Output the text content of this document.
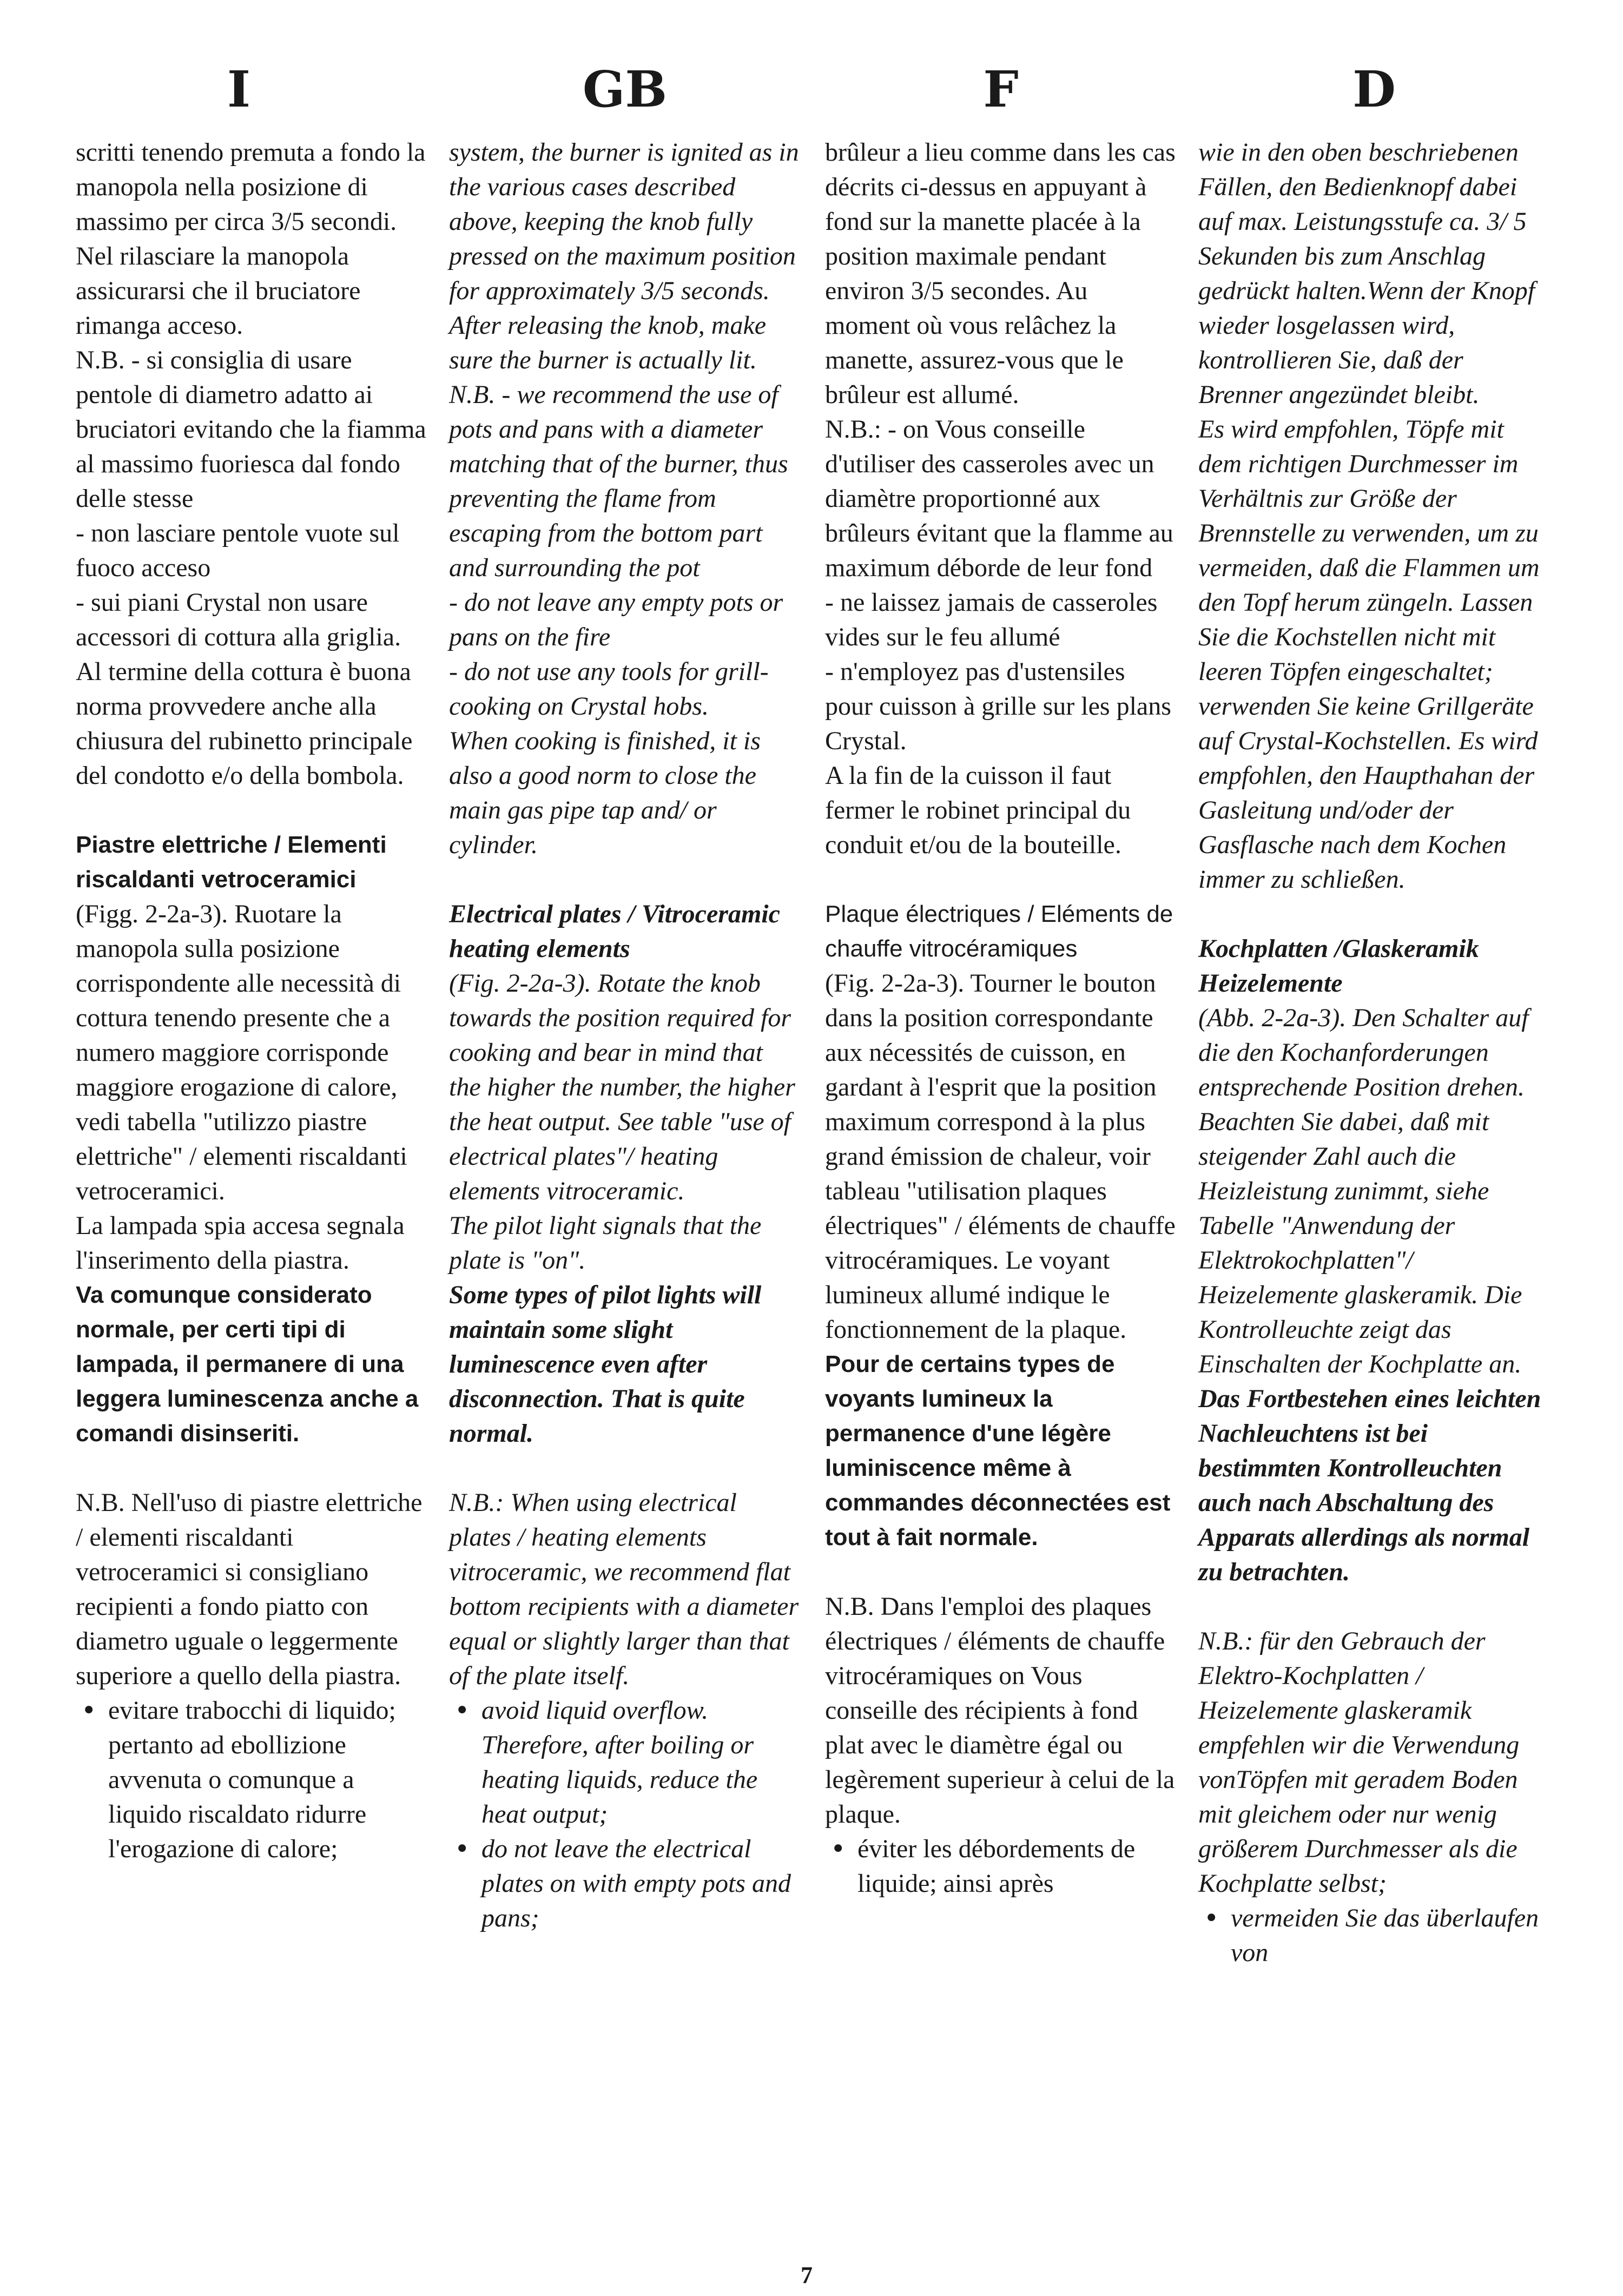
I

scritti tenendo premuta a fondo la manopola nella posizione di massimo per circa 3/5 secondi. Nel rilasciare la manopola assicurarsi che il bruciatore rimanga acceso.

N.B. - si consiglia di usare pentole di diametro adatto ai bruciatori evitando che la fiamma al massimo fuoriesca dal fondo delle stesse

- non lasciare pentole vuote sul fuoco acceso

- sui piani Crystal non usare accessori di cottura alla griglia.

Al termine della cottura è buona norma provvedere anche alla chiusura del rubinetto principale del condotto e/o della bombola.

Piastre elettriche / Elementi riscaldanti vetroceramici

(Figg. 2-2a-3). Ruotare la manopola sulla posizione corrispondente alle necessità di cottura tenendo presente che a numero maggiore corrisponde maggiore erogazione di calore, vedi tabella "utilizzo piastre elettriche" / elementi riscaldanti vetroceramici.

La lampada spia accesa segnala l'inserimento della piastra.

Va comunque considerato normale, per certi tipi di lampada, il permanere di una leggera luminescenza anche a comandi disinseriti.

N.B. Nell'uso di piastre elettriche / elementi riscaldanti vetroceramici si consigliano recipienti a fondo piatto con diametro uguale o leggermente superiore a quello della piastra.

• evitare trabocchi di liquido; pertanto ad ebollizione avvenuta o comunque a liquido riscaldato ridurre l'erogazione di calore;
GB

system, the burner is ignited as in the various cases described above, keeping the knob fully pressed on the maximum position for approximately 3/5 seconds. After releasing the knob, make sure the burner is actually lit.

N.B. - we recommend the use of pots and pans with a diameter matching that of the burner, thus preventing the flame from escaping from the bottom part and surrounding the pot

- do not leave any empty pots or pans on the fire

- do not use any tools for grill-cooking on Crystal hobs.

When cooking is finished, it is also a good norm to close the main gas pipe tap and/ or cylinder.

Electrical plates / Vitroceramic heating elements

(Fig. 2-2a-3). Rotate the knob towards the position required for cooking and bear in mind that the higher the number, the higher the heat output. See table "use of electrical plates"/ heating elements vitroceramic.

The pilot light signals that the plate is "on".

Some types of pilot lights will maintain some slight luminescence even after disconnection. That is quite normal.

N.B.: When using electrical plates / heating elements vitroceramic, we recommend flat bottom recipients with a diameter equal or slightly larger than that of the plate itself.

• avoid liquid overflow. Therefore, after boiling or heating liquids, reduce the heat output;
• do not leave the electrical plates on with empty pots and pans;
F

brûleur a lieu comme dans les cas décrits ci-dessus en appuyant à fond sur la manette placée à la position maximale pendant environ 3/5 secondes. Au moment où vous relâchez la manette, assurez-vous que le brûleur est allumé.

N.B.: - on Vous conseille d'utiliser des casseroles avec un diamètre proportionné aux brûleurs évitant que la flamme au maximum déborde de leur fond

- ne laissez jamais de casseroles vides sur le feu allumé

- n'employez pas d'ustensiles pour cuisson à grille sur les plans Crystal.

A la fin de la cuisson il faut fermer le robinet principal du conduit et/ou de la bouteille.

Plaque électriques / Eléments de chauffe vitrocéramiques

(Fig. 2-2a-3). Tourner le bouton dans la position correspondante aux nécessités de cuisson, en gardant à l'esprit que la position maximum correspond à la plus grand émission de chaleur, voir tableau "utilisation plaques électriques" / éléments de chauffe vitrocéramiques. Le voyant lumineux allumé indique le fonctionnement de la plaque.

Pour de certains types de voyants lumineux la permanence d'une légère luminiscence même à commandes déconnectées est tout à fait normale.

N.B. Dans l'emploi des plaques électriques / éléments de chauffe vitrocéramiques on Vous conseille des récipients à fond plat avec le diamètre égal ou legèrement superieur à celui de la plaque.

• éviter les débordements de liquide; ainsi après
D

wie in den oben beschriebenen Fällen, den Bedienknopf dabei auf max. Leistungsstufe ca. 3/ 5 Sekunden bis zum Anschlag gedrückt halten.Wenn der Knopf wieder losgelassen wird, kontrollieren Sie, daß der Brenner angezündet bleibt.

Es wird empfohlen, Töpfe mit dem richtigen Durchmesser im Verhältnis zur Größe der Brennstelle zu verwenden, um zu vermeiden, daß die Flammen um den Topf herum züngeln. Lassen Sie die Kochstellen nicht mit leeren Töpfen eingeschaltet; verwenden Sie keine Grillgeräte auf Crystal-Kochstellen. Es wird empfohlen, den Haupthahan der Gasleitung und/oder der Gasflasche nach dem Kochen immer zu schließen.

Kochplatten /Glaskeramik Heizelemente

(Abb. 2-2a-3). Den Schalter auf die den Kochanforderungen entsprechende Position drehen. Beachten Sie dabei, daß mit steigender Zahl auch die Heizleistung zunimmt, siehe Tabelle "Anwendung der Elektrokochplatten"/ Heizelemente glaskeramik. Die Kontrolleuchte zeigt das Einschalten der Kochplatte an.

Das Fortbestehen eines leichten Nachleuchtens ist bei bestimmten Kontrolleuchten auch nach Abschaltung des Apparats allerdings als normal zu betrachten.

N.B.: für den Gebrauch der Elektro-Kochplatten / Heizelemente glaskeramik empfehlen wir die Verwendung vonTöpfen mit geradem Boden mit gleichem oder nur wenig größerem Durchmesser als die Kochplatte selbst;

• vermeiden Sie das überlaufen von
7
